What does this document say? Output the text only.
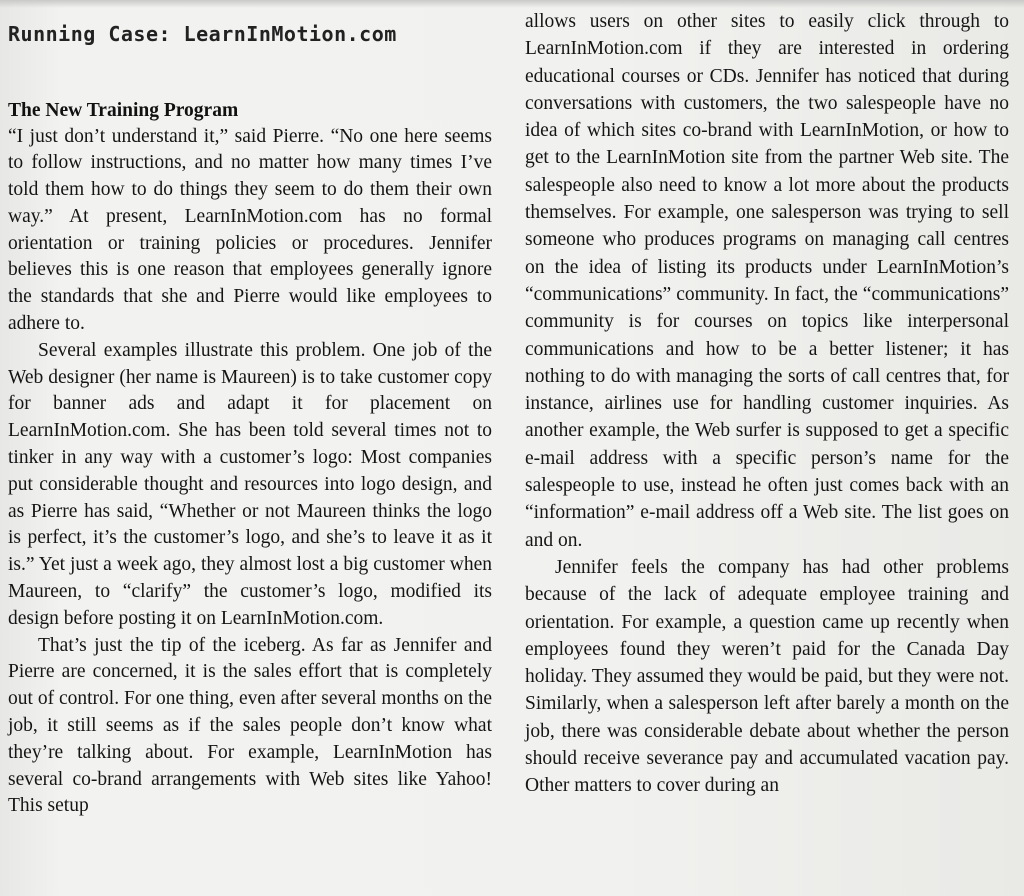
Running Case: LearnInMotion.com
The New Training Program

“I just don’t understand it,” said Pierre. “No one here seems to follow instructions, and no matter how many times I’ve told them how to do things they seem to do them their own way.” At present, LearnInMotion.com has no formal orientation or training policies or procedures. Jennifer believes this is one reason that employees generally ignore the standards that she and Pierre would like employees to adhere to.

Several examples illustrate this problem. One job of the Web designer (her name is Maureen) is to take customer copy for banner ads and adapt it for placement on LearnInMotion.com. She has been told several times not to tinker in any way with a customer’s logo: Most companies put considerable thought and resources into logo design, and as Pierre has said, “Whether or not Maureen thinks the logo is perfect, it’s the customer’s logo, and she’s to leave it as it is.” Yet just a week ago, they almost lost a big customer when Maureen, to “clarify” the customer’s logo, modified its design before posting it on LearnInMotion.com.

That’s just the tip of the iceberg. As far as Jennifer and Pierre are concerned, it is the sales effort that is completely out of control. For one thing, even after several months on the job, it still seems as if the sales people don’t know what they’re talking about. For example, LearnInMotion has several co-brand arrangements with Web sites like Yahoo! This setup

allows users on other sites to easily click through to LearnInMotion.com if they are interested in ordering educational courses or CDs. Jennifer has noticed that during conversations with customers, the two salespeople have no idea of which sites co-brand with LearnInMotion, or how to get to the LearnInMotion site from the partner Web site. The salespeople also need to know a lot more about the products themselves. For example, one salesperson was trying to sell someone who produces programs on managing call centres on the idea of listing its products under LearnInMotion’s “communications” community. In fact, the “communications” community is for courses on topics like interpersonal communications and how to be a better listener; it has nothing to do with managing the sorts of call centres that, for instance, airlines use for handling customer inquiries. As another example, the Web surfer is supposed to get a specific e-mail address with a specific person’s name for the salespeople to use, instead he often just comes back with an “information” e-mail address off a Web site. The list goes on and on.

Jennifer feels the company has had other problems because of the lack of adequate employee training and orientation. For example, a question came up recently when employees found they weren’t paid for the Canada Day holiday. They assumed they would be paid, but they were not. Similarly, when a salesperson left after barely a month on the job, there was considerable debate about whether the person should receive severance pay and accumulated vacation pay. Other matters to cover during an
